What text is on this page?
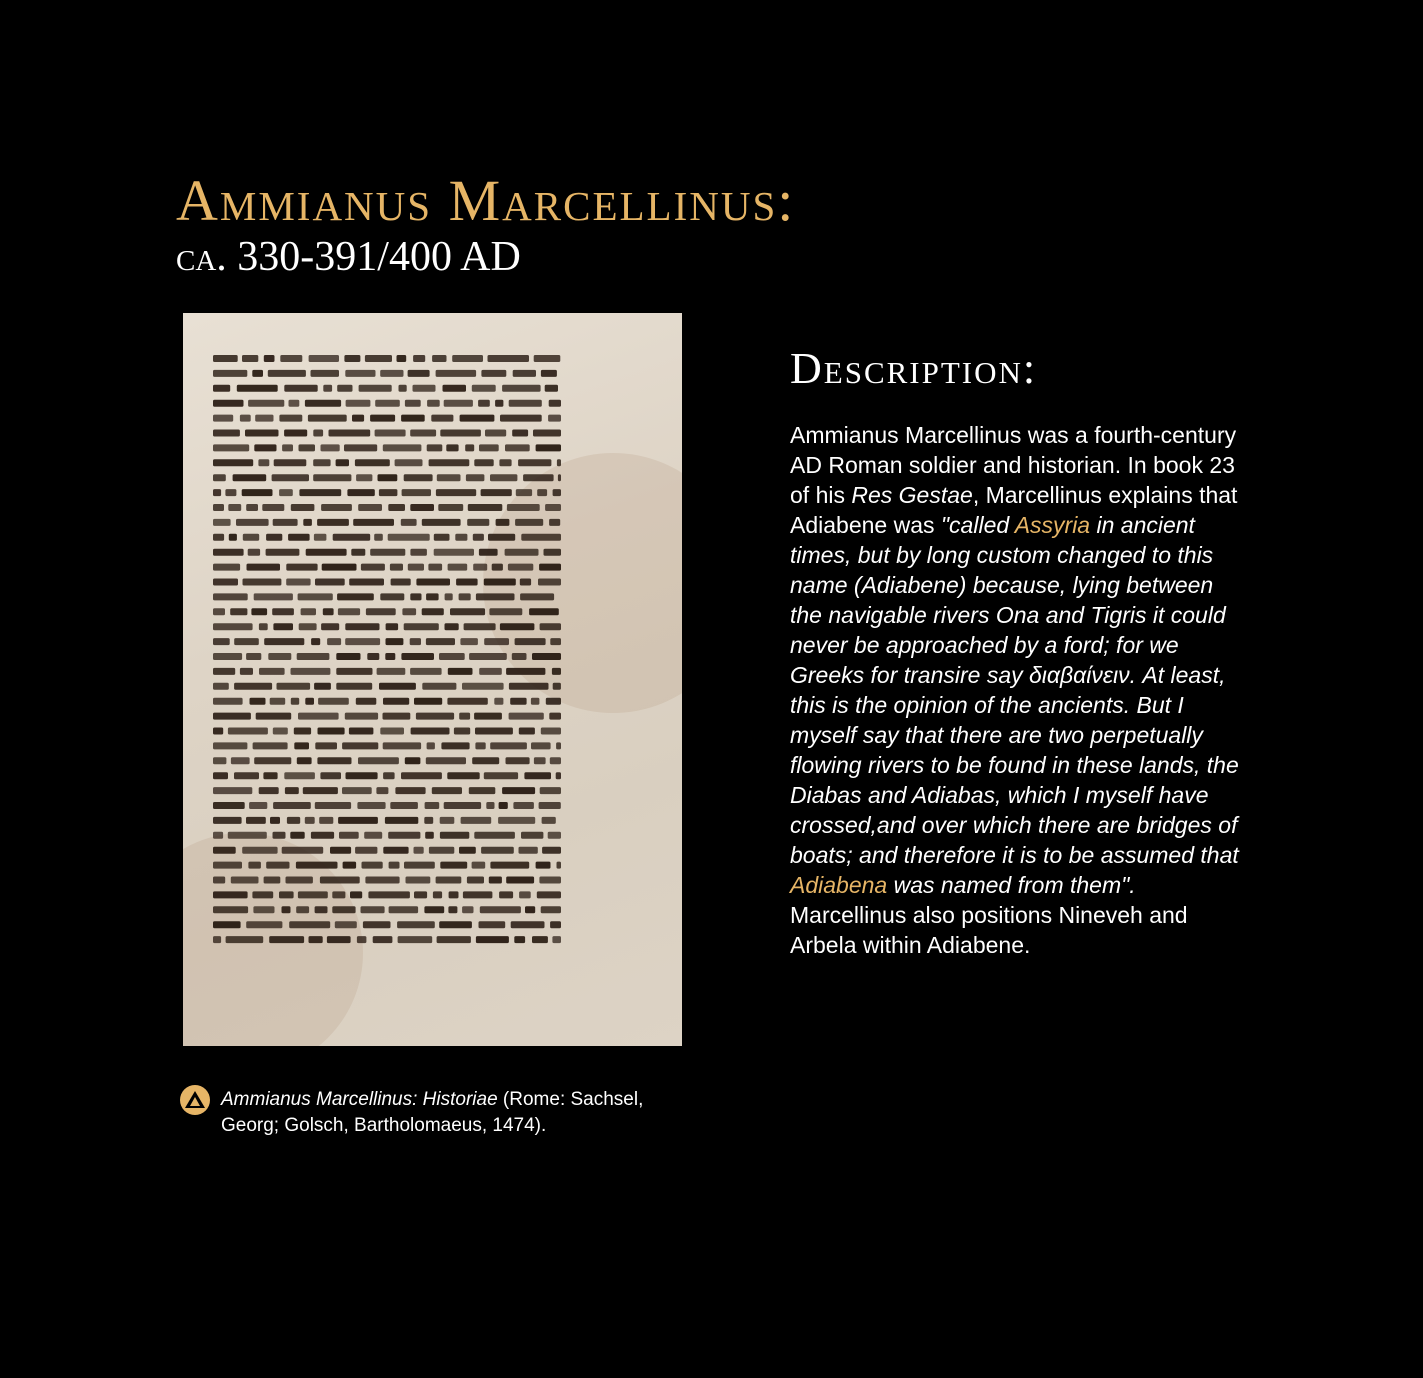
Ammianus Marcellinus:
ca. 330-391/400 AD
Ammianus Marcellinus: Historiae (Rome: Sachsel, Georg; Golsch, Bartholomaeus, 1474).
Description:
Ammianus Marcellinus was a fourth-century AD Roman soldier and historian. In book 23 of his Res Gestae, Marcellinus explains that Adiabene was "called Assyria in ancient times, but by long custom changed to this name (Adiabene) because, lying between the navigable rivers Ona and Tigris it could never be approached by a ford; for we Greeks for transire say διαβαίνειν. At least, this is the opinion of the ancients. But I myself say that there are two perpetually flowing rivers to be found in these lands, the Diabas and Adiabas, which I myself have crossed,and over which there are bridges of boats; and therefore it is to be assumed that Adiabena was named from them". Marcellinus also positions Nineveh and Arbela within Adiabene.
